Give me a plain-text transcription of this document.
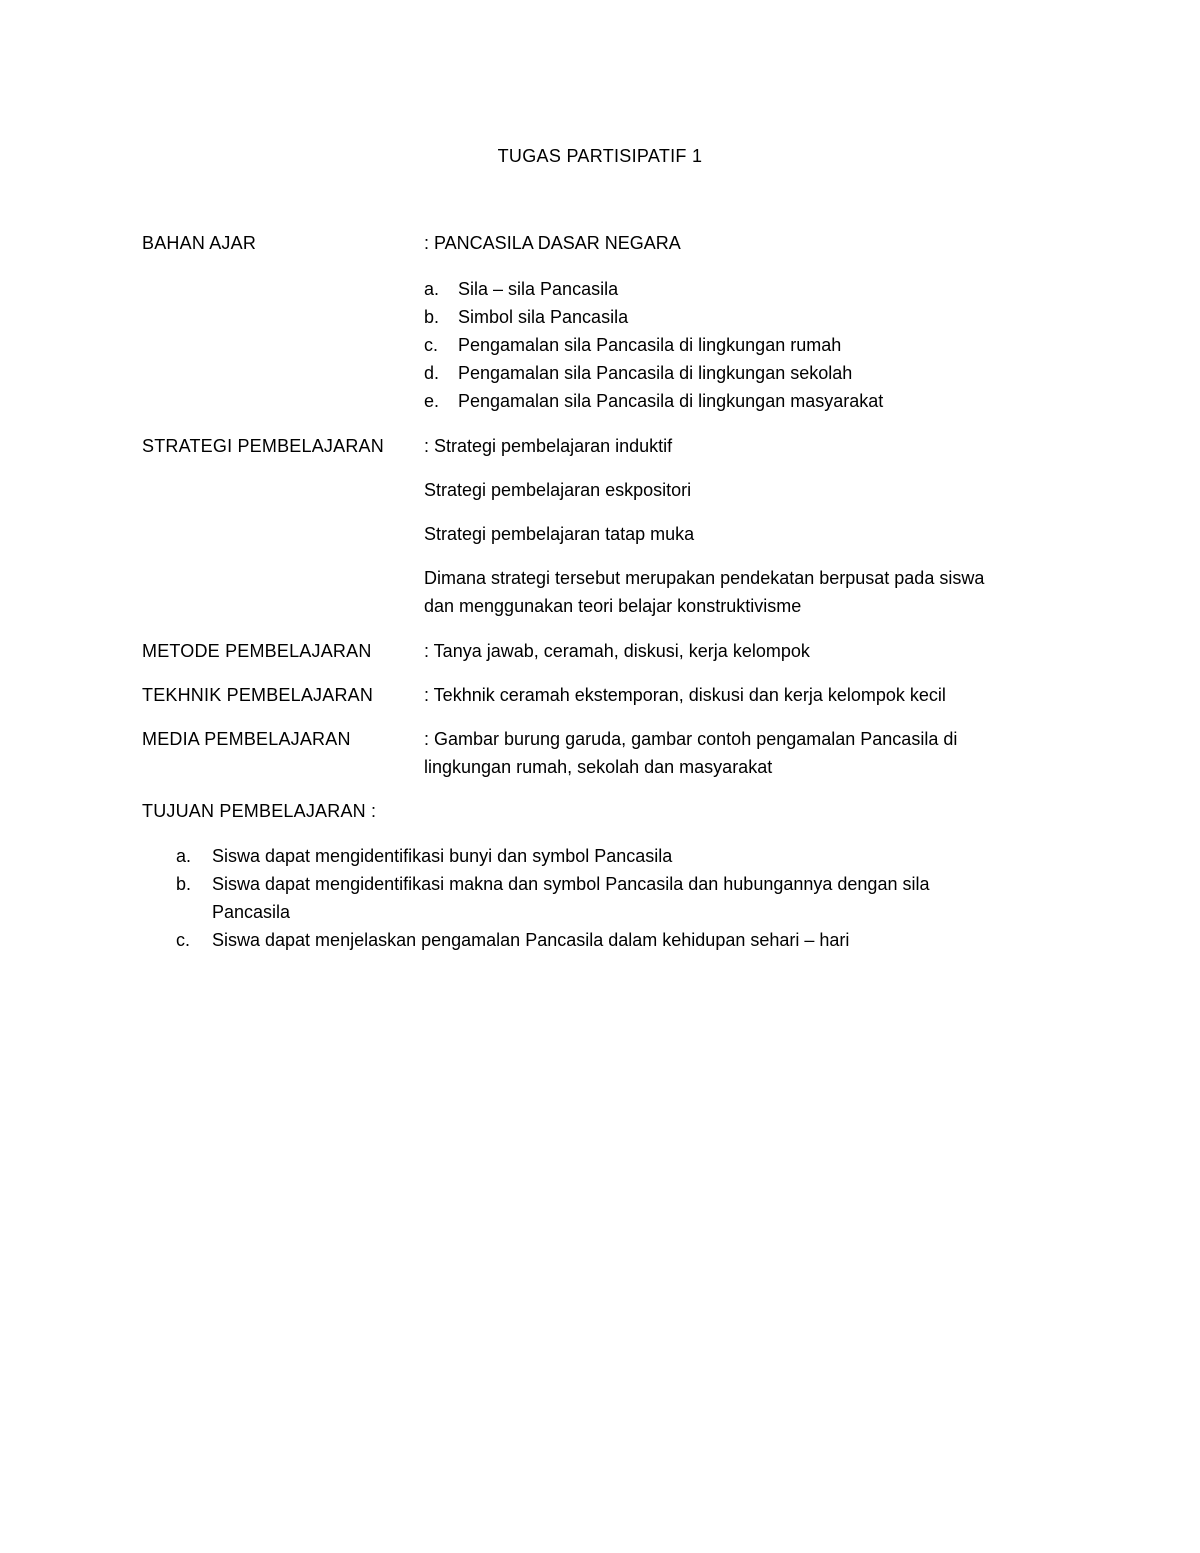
TUGAS PARTISIPATIF 1
BAHAN AJAR	: PANCASILA DASAR NEGARA
a.	Sila – sila Pancasila
b.	Simbol sila Pancasila
c.	Pengamalan sila Pancasila di lingkungan rumah
d.	Pengamalan sila Pancasila di lingkungan sekolah
e.	Pengamalan sila Pancasila di lingkungan masyarakat
STRATEGI PEMBELAJARAN : Strategi pembelajaran induktif
Strategi pembelajaran eskpositori
Strategi pembelajaran tatap muka
Dimana strategi tersebut merupakan pendekatan berpusat pada siswa
dan menggunakan teori belajar konstruktivisme
METODE PEMBELAJARAN	: Tanya jawab, ceramah, diskusi, kerja kelompok
TEKHNIK PEMBELAJARAN	: Tekhnik ceramah ekstemporan, diskusi dan kerja kelompok kecil
MEDIA PEMBELAJARAN	: Gambar burung garuda, gambar contoh pengamalan Pancasila di
lingkungan rumah, sekolah dan masyarakat
TUJUAN PEMBELAJARAN :
a.	Siswa dapat mengidentifikasi bunyi dan symbol Pancasila
b.	Siswa dapat mengidentifikasi makna dan symbol Pancasila dan hubungannya dengan sila
Pancasila
c.	Siswa dapat menjelaskan pengamalan Pancasila dalam kehidupan sehari – hari
